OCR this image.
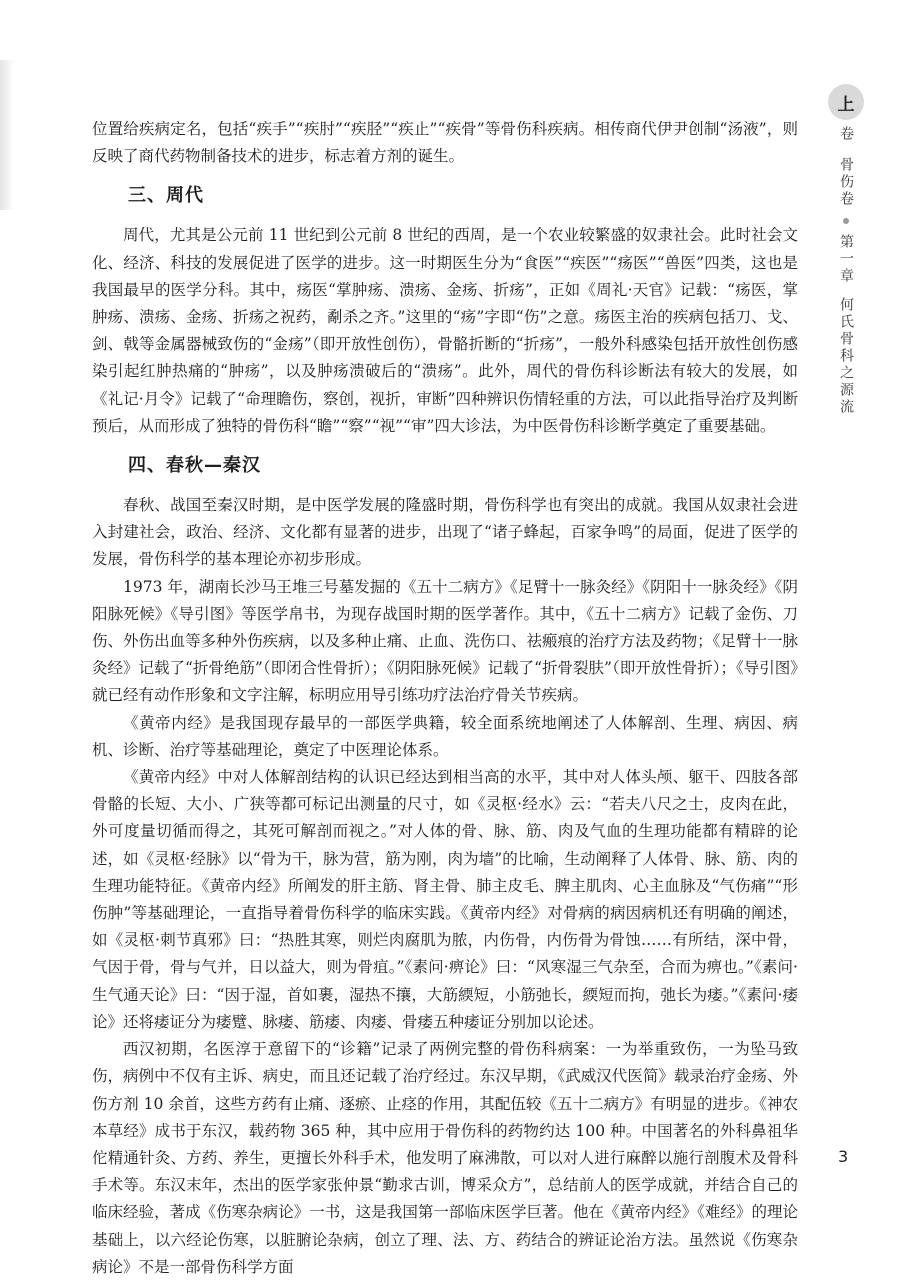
位置给疾病定名，包括“疾手”“疾肘”“疾胫”“疾止”“疾骨”等骨伤科疾病。相传商代伊尹创制“汤液”，则反映了商代药物制备技术的进步，标志着方剂的诞生。

三、周代

周代，尤其是公元前 11 世纪到公元前 8 世纪的西周，是一个农业较繁盛的奴隶社会。此时社会文化、经济、科技的发展促进了医学的进步。这一时期医生分为“食医”“疾医”“疡医”“兽医”四类，这也是我国最早的医学分科。其中，疡医“掌肿疡、溃疡、金疡、折疡”，正如《周礼·天官》记载：“疡医，掌肿疡、溃疡、金疡、折疡之祝药，劀杀之齐。”这里的“疡”字即“伤”之意。疡医主治的疾病包括刀、戈、剑、戟等金属器械致伤的“金疡”（即开放性创伤），骨骼折断的“折疡”，一般外科感染包括开放性创伤感染引起红肿热痛的“肿疡”，以及肿疡溃破后的“溃疡”。此外，周代的骨伤科诊断法有较大的发展，如《礼记·月令》记载了“命理瞻伤，察创，视折，审断”四种辨识伤情轻重的方法，可以此指导治疗及判断预后，从而形成了独特的骨伤科“瞻”“察”“视”“审”四大诊法，为中医骨伤科诊断学奠定了重要基础。

四、春秋—秦汉

春秋、战国至秦汉时期，是中医学发展的隆盛时期，骨伤科学也有突出的成就。我国从奴隶社会进入封建社会，政治、经济、文化都有显著的进步，出现了“诸子蜂起，百家争鸣”的局面，促进了医学的发展，骨伤科学的基本理论亦初步形成。

1973 年，湖南长沙马王堆三号墓发掘的《五十二病方》《足臂十一脉灸经》《阴阳十一脉灸经》《阴阳脉死候》《导引图》等医学帛书，为现存战国时期的医学著作。其中，《五十二病方》记载了金伤、刀伤、外伤出血等多种外伤疾病，以及多种止痛、止血、洗伤口、祛瘢痕的治疗方法及药物；《足臂十一脉灸经》记载了“折骨绝筋”（即闭合性骨折）；《阴阳脉死候》记载了“折骨裂肤”（即开放性骨折）；《导引图》就已经有动作形象和文字注解，标明应用导引练功疗法治疗骨关节疾病。

《黄帝内经》是我国现存最早的一部医学典籍，较全面系统地阐述了人体解剖、生理、病因、病机、诊断、治疗等基础理论，奠定了中医理论体系。

《黄帝内经》中对人体解剖结构的认识已经达到相当高的水平，其中对人体头颅、躯干、四肢各部骨骼的长短、大小、广狭等都可标记出测量的尺寸，如《灵枢·经水》云：“若夫八尺之士，皮肉在此，外可度量切循而得之，其死可解剖而视之。”对人体的骨、脉、筋、肉及气血的生理功能都有精辟的论述，如《灵枢·经脉》以“骨为干，脉为营，筋为刚，肉为墙”的比喻，生动阐释了人体骨、脉、筋、肉的生理功能特征。《黄帝内经》所阐发的肝主筋、肾主骨、肺主皮毛、脾主肌肉、心主血脉及“气伤痛”“形伤肿”等基础理论，一直指导着骨伤科学的临床实践。《黄帝内经》对骨病的病因病机还有明确的阐述，如《灵枢·刺节真邪》曰：“热胜其寒，则烂肉腐肌为脓，内伤骨，内伤骨为骨蚀……有所结，深中骨，气因于骨，骨与气并，日以益大，则为骨疽。”《素问·痹论》曰：“风寒湿三气杂至，合而为痹也。”《素问·生气通天论》曰：“因于湿，首如裹，湿热不攘，大筋緛短，小筋弛长，緛短而拘，弛长为痿。”《素问·痿论》还将痿证分为痿躄、脉痿、筋痿、肉痿、骨痿五种痿证分别加以论述。

西汉初期，名医淳于意留下的“诊籍”记录了两例完整的骨伤科病案：一为举重致伤，一为坠马致伤，病例中不仅有主诉、病史，而且还记载了治疗经过。东汉早期，《武威汉代医简》载录治疗金疡、外伤方剂 10 余首，这些方药有止痛、逐瘀、止痉的作用，其配伍较《五十二病方》有明显的进步。《神农本草经》成书于东汉，载药物 365 种，其中应用于骨伤科的药物约达 100 种。中国著名的外科鼻祖华佗精通针灸、方药、养生，更擅长外科手术，他发明了麻沸散，可以对人进行麻醉以施行剖腹术及骨科手术等。东汉末年，杰出的医学家张仲景“勤求古训，博采众方”，总结前人的医学成就，并结合自己的临床经验，著成《伤寒杂病论》一书，这是我国第一部临床医学巨著。他在《黄帝内经》《难经》的理论基础上，以六经论伤寒，以脏腑论杂病，创立了理、法、方、药结合的辨证论治方法。虽然说《伤寒杂病论》不是一部骨伤科学方面

上
卷
骨伤卷
第一章
何氏骨科之源流
3
